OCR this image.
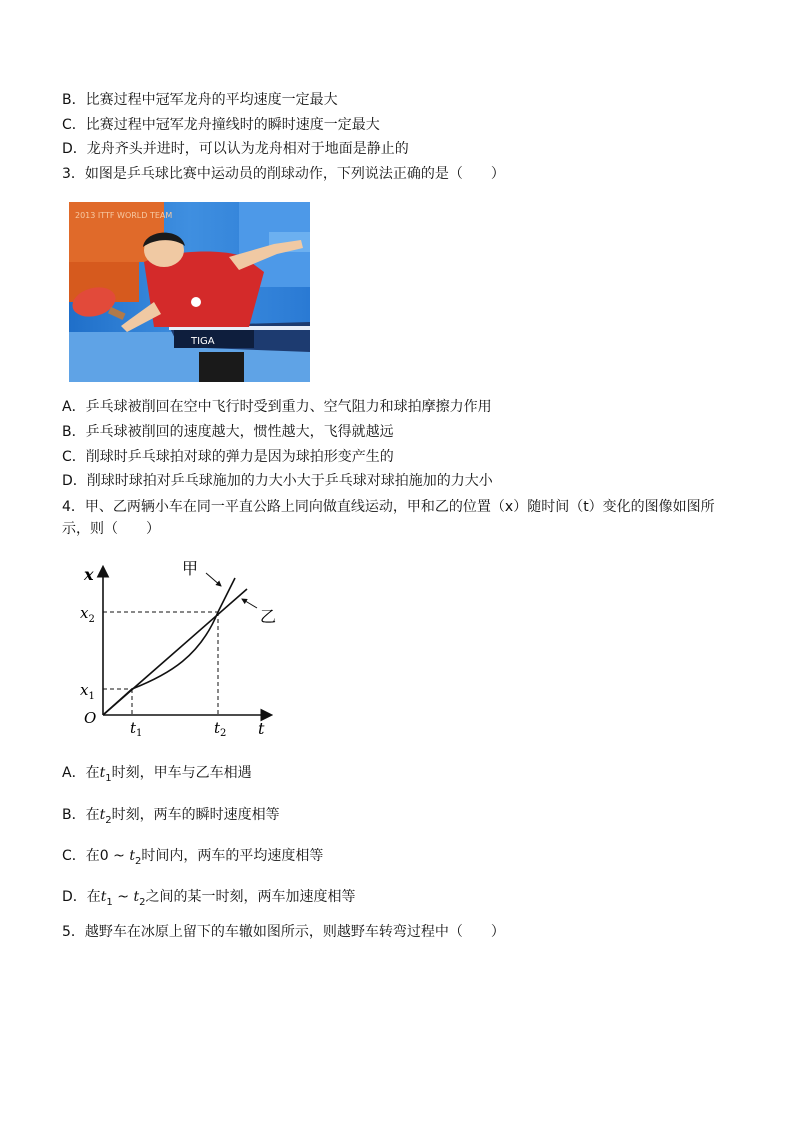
B．比赛过程中冠军龙舟的平均速度一定最大
C．比赛过程中冠军龙舟撞线时的瞬时速度一定最大
D．龙舟齐头并进时，可以认为龙舟相对于地面是静止的
3．如图是乒乓球比赛中运动员的削球动作，下列说法正确的是（　　）
2013 ITTF WORLD TEAM
TIGA
A．乒乓球被削回在空中飞行时受到重力、空气阻力和球拍摩擦力作用
B．乒乓球被削回的速度越大，惯性越大，飞得就越远
C．削球时乒乓球拍对球的弹力是因为球拍形变产生的
D．削球时球拍对乒乓球施加的力大小大于乒乓球对球拍施加的力大小
4．甲、乙两辆小车在同一平直公路上同向做直线运动，甲和乙的位置（x）随时间（t）变化的图像如图所示，则（　　）
x
t
O
$x_2$
$x_1$
$t_1$	$t_2$
甲
乙
A．在$t_1$时刻，甲车与乙车相遇
B．在$t_2$时刻，两车的瞬时速度相等
C．在0 ~ $t_2$时间内，两车的平均速度相等
D．在$t_1$ ~ $t_2$之间的某一时刻，两车加速度相等
5．越野车在冰原上留下的车辙如图所示，则越野车转弯过程中（　　）
